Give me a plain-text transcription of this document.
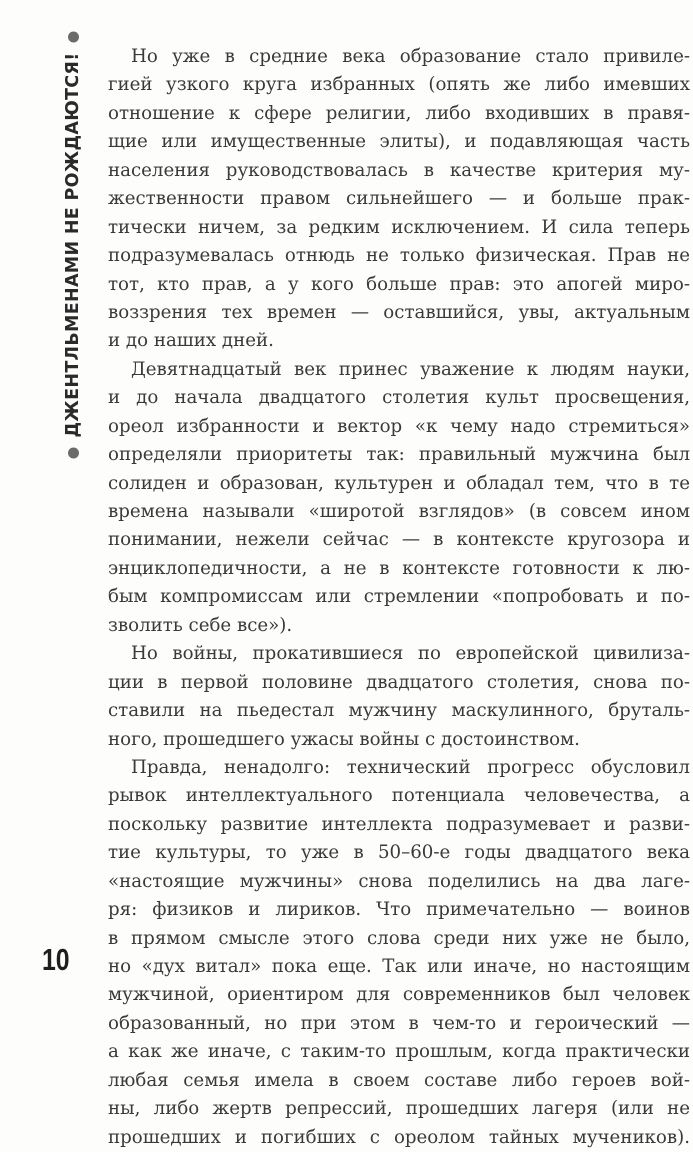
ДЖЕНТЛЬМЕНАМИ НЕ РОЖДАЮТСЯ!	Но уже в средние века образование стало привиле-
гией узкого круга избранных (опять же либо имевших
отношение к сфере религии, либо входивших в правя-
щие или имущественные элиты), и подавляющая часть
населения руководствовалась в качестве критерия му-
жественности правом сильнейшего — и больше прак-
тически ничем, за редким исключением. И сила теперь
подразумевалась отнюдь не только физическая. Прав не
тот, кто прав, а у кого больше прав: это апогей миро-
воззрения тех времен — оставшийся, увы, актуальным
и до наших дней.
Девятнадцатый век принес уважение к людям науки,
и до начала двадцатого столетия культ просвещения,
ореол избранности и вектор «к чему надо стремиться»
определяли приоритеты так: правильный мужчина был
солиден и образован, культурен и обладал тем, что в те
времена называли «широтой взглядов» (в совсем ином
понимании, нежели сейчас — в контексте кругозора и
энциклопедичности, а не в контексте готовности к лю-
бым компромиссам или стремлении «попробовать и по-
зволить себе все»).
Но войны, прокатившиеся по европейской цивилиза-
ции в первой половине двадцатого столетия, снова по-
ставили на пьедестал мужчину маскулинного, бруталь-
ного, прошедшего ужасы войны с достоинством.
Правда, ненадолго: технический прогресс обусловил
рывок интеллектуального потенциала человечества, а
поскольку развитие интеллекта подразумевает и разви-
тие культуры, то уже в 50–60-е годы двадцатого века
«настоящие мужчины» снова поделились на два лаге-
ря: физиков и лириков. Что примечательно — воинов
в прямом смысле этого слова среди них уже не было,
но «дух витал» пока еще. Так или иначе, но настоящим
мужчиной, ориентиром для современников был человек
образованный, но при этом в чем-то и героический —
а как же иначе, с таким-то прошлым, когда практически
любая семья имела в своем составе либо героев вой-
ны, либо жертв репрессий, прошедших лагеря (или не
прошедших и погибших с ореолом тайных мучеников).
10
